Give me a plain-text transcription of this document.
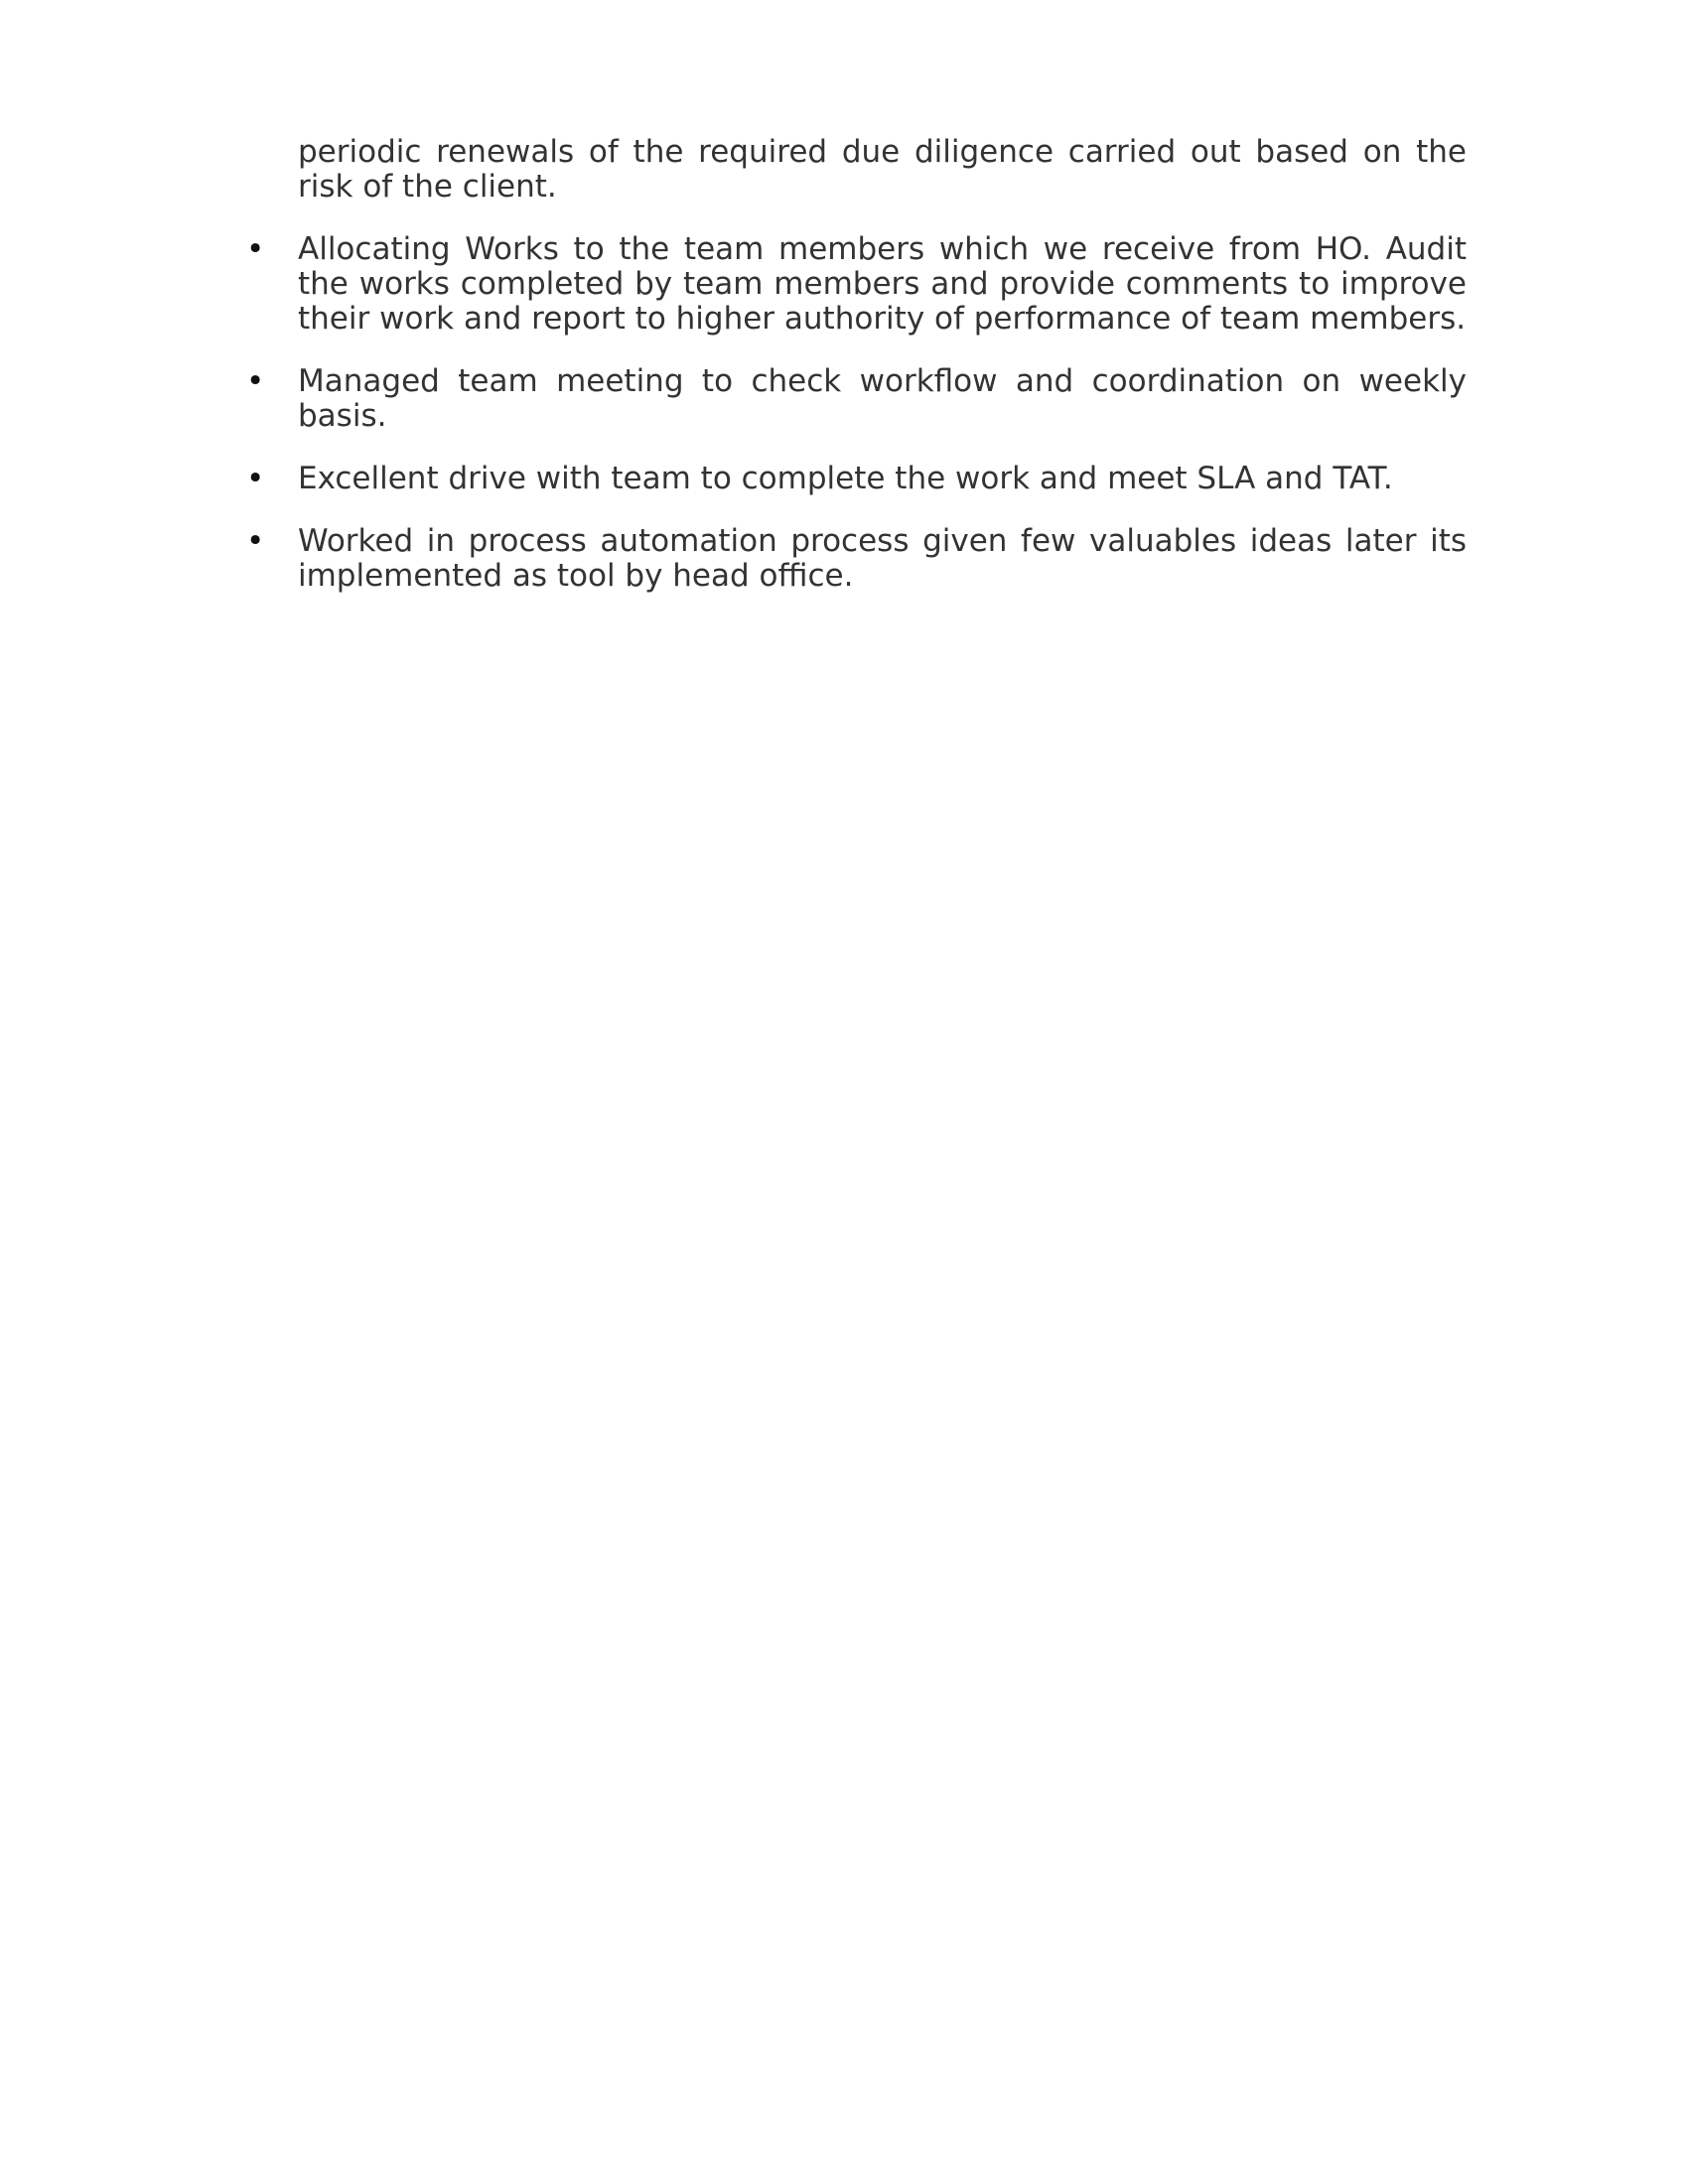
periodic renewals of the required due diligence carried out based on the risk of the client.

• Allocating Works to the team members which we receive from HO. Audit the works completed by team members and provide comments to improve their work and report to higher authority of performance of team members.
• Managed team meeting to check workflow and coordination on weekly basis.
• Excellent drive with team to complete the work and meet SLA and TAT.
• Worked in process automation process given few valuables ideas later its implemented as tool by head office.
